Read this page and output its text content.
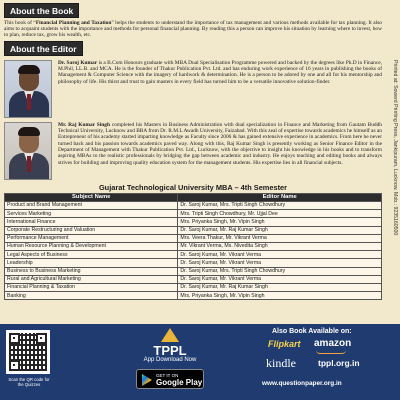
About the Book

This book of “Financial Planning and Taxation” helps the students to understand the importance of tax management and various methods available for tax planning. It also aims to acquaint students with the importance and methods for personal financial planning. By reading this a person can improve his situation by learning where to invest, how to plan, reduce tax, grow his wealth, etc.

About the Editor

Dr. Saroj Kumar is a B.Com Honours graduate with MBA Dual Specialisation Programme powered and backed by the degrees like Ph.D in Finance, M.Phil, LL.B. and MCA. He is the founder of Thakur Publication Pvt. Ltd. and has enduring work experience of 16 years in publishing the books of Management & Computer Science with the imagery of hardwork & determination. He is a person to be adored by one and all for his mentorship and philosophy of life. His thirst and trust to gain masters in every field has turned him to be a versatile innovative solution-finder.

Mr. Raj Kumar Singh completed his Masters in Business Administration with dual specialization in Finance and Marketing from Gautam Buddh Technical University, Lucknow and BBA from Dr. R.M.L Awadh University, Faizabad. With this zeal of expertise towards academics he himself as an Entrepreneur of his academy started imparting knowledge as Faculty since 2006 & has gained extensive experience in academics. From here he never turned back and his passion towards academics paved way. Along with this, Raj Kumar Singh is presently working as Senior Finance Editor in the Department of Management with Thakur Publication Pvt. Ltd., Lucknow, with the objective to insight his knowledge in his books and to transform aspiring MBAs to the realistic professionals by bridging the gap between academic and industry. He enjoys teaching and editing books and always strives for building and improving quality education system for the management students. His expertise lies in all financial subjects.

Gujarat Technological University MBA – 4th Semester
Subject Name	Editor Name
Product and Brand Management	Dr. Saroj Kumar, Mrs. Tripti Singh Chowdhury
Services Marketing	Mrs. Tripti Singh Chowdhury, Mr. Ujjal Dee
International Finance	Mrs. Priyanka Singh, Mr. Vipin Singh
Corporate Restructuring and Valuation	Dr. Saroj Kumar, Mr. Raj Kumar Singh
Performance Management	Mrs. Veera Thakur, Mr. Vikrant Verma
Human Resource Planning & Development	Mr. Vikrant Verma, Ms. Nivedita Singh
Legal Aspects of Business	Dr. Saroj Kumar, Mr. Vikrant Verma
Leadership	Dr. Saroj Kumar, Mr. Vikrant Verma
Business to Business Marketing	Dr. Saroj Kumar, Mrs. Tripti Singh Chowdhury
Rural and Agricultural Marketing	Dr. Saroj Kumar, Mr. Vikrant Verma
Financial Planning & Taxation	Dr. Saroj Kumar, Mr. Raj Kumar Singh
Banking	Mrs. Priyanka Singh, Mr. Vipin Singh
Printed at: Sowerd Printing Press, Jankipuram, Lucknow. Mob.: 9235160500
Scan the QR code for the Quizzes
TPPL
App Download Now
GET IT ON
Google Play
Also Book Available on:
Flipkart amazon
kindle	tppl.org.in
www.questionpaper.org.in
